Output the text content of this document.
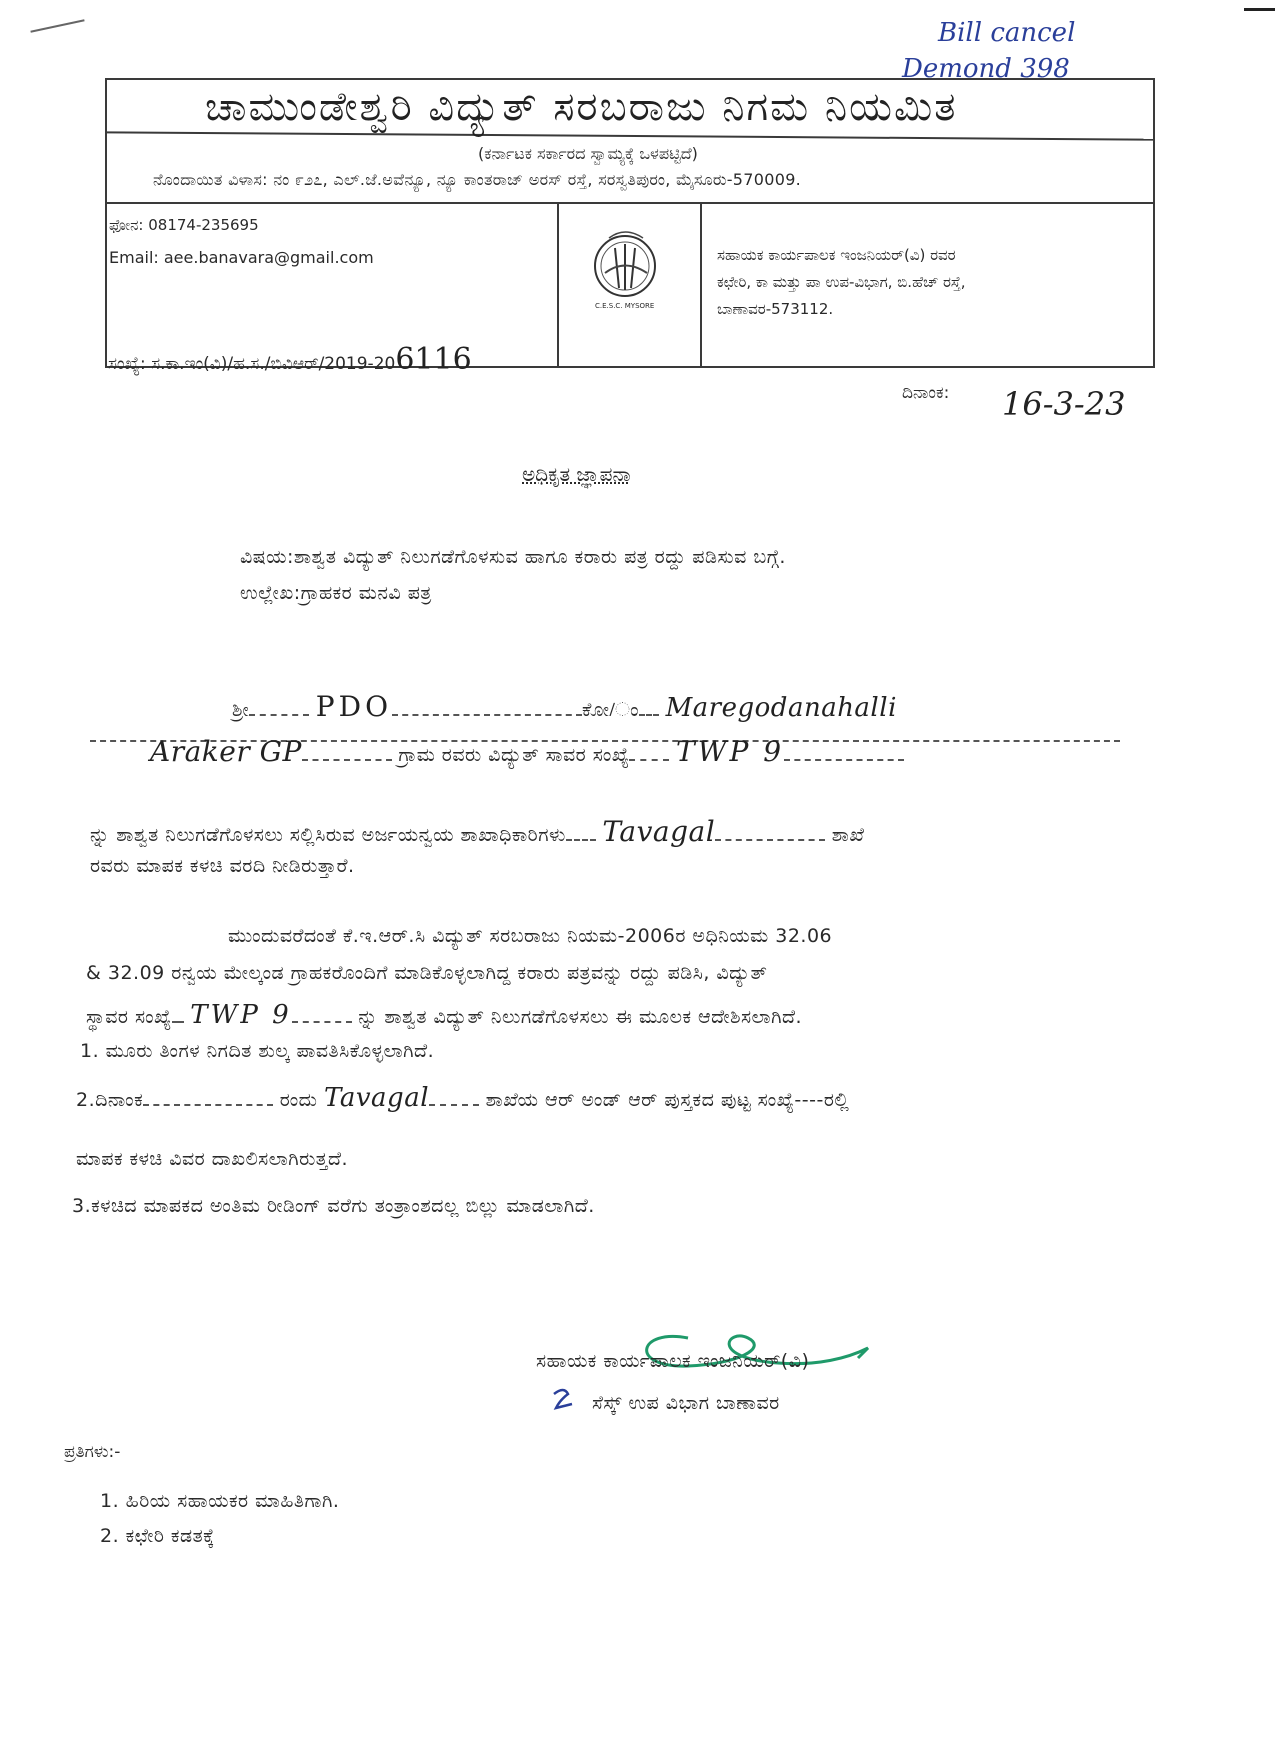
Bill cancel
Demond 398
ಚಾಮುಂಡೇಶ್ವರಿ ವಿದ್ಯುತ್ ಸರಬರಾಜು ನಿಗಮ ನಿಯಮಿತ
(ಕರ್ನಾಟಕ ಸರ್ಕಾರದ ಸ್ವಾಮ್ಯಕ್ಕೆ ಒಳಪಟ್ಟಿದೆ)
ನೊಂದಾಯಿತ ವಿಳಾಸ: ನಂ ೯೨೭, ಎಲ್.ಜೆ.ಅವೆನ್ಯೂ, ನ್ಯೂ ಕಾಂತರಾಜ್ ಅರಸ್ ರಸ್ತೆ, ಸರಸ್ವತಿಪುರಂ, ಮೈಸೂರು-570009.
ಫೋನ: 08174-235695
Email: aee.banavara@gmail.com
C.E.S.C. MYSORE
ಸಹಾಯಕ ಕಾರ್ಯಪಾಲಕ ಇಂಜನಿಯರ್(ವಿ) ರವರ
ಕಛೇರಿ, ಕಾ ಮತ್ತು ಪಾ ಉಪ-ವಿಭಾಗ, ಬಿ.ಹೆಚ್ ರಸ್ತೆ,
ಬಾಣಾವರ-573112.
ಸಂಖ್ಯೆ: ಸ.ಕಾ.ಇಂ(ವಿ)/ಹ.ಸ./ಬಿವಿಆರ್/2019-206116
ದಿನಾಂಕ: 16-3-23
ಅಧಿಕೃತ ಜ್ಞಾಪನಾ
ವಿಷಯ:ಶಾಶ್ವತ ವಿದ್ಯುತ್ ನಿಲುಗಡೆಗೊಳಸುವ ಹಾಗೂ ಕರಾರು ಪತ್ರ ರದ್ದು ಪಡಿಸುವ ಬಗ್ಗೆ.
ಉಲ್ಲೇಖ:ಗ್ರಾಹಕರ ಮನವಿ ಪತ್ರ
ಶ್ರೀ PDO	ಕೋ/ಂ Maregodanahalli
Araker GP	ಗ್ರಾಮ ರವರು ವಿದ್ಯುತ್ ಸಾವರ ಸಂಖ್ಯೆ TWP 9
ನ್ನು ಶಾಶ್ವತ ನಿಲುಗಡೆಗೊಳಸಲು ಸಲ್ಲಿಸಿರುವ ಅರ್ಜಯನ್ವಯ ಶಾಖಾಧಿಕಾರಿಗಳು Tavagal	ಶಾಖೆ
ರವರು ಮಾಪಕ ಕಳಚಿ ವರದಿ ನೀಡಿರುತ್ತಾರೆ.
ಮುಂದುವರೆದಂತೆ ಕೆ.ಇ.ಆರ್.ಸಿ ವಿದ್ಯುತ್ ಸರಬರಾಜು ನಿಯಮ-2006ರ ಅಧಿನಿಯಮ 32.06
& 32.09 ರನ್ವಯ ಮೇಲ್ಕಂಡ ಗ್ರಾಹಕರೊಂದಿಗೆ ಮಾಡಿಕೊಳ್ಳಲಾಗಿದ್ದ ಕರಾರು ಪತ್ರವನ್ನು ರದ್ದು ಪಡಿಸಿ, ವಿದ್ಯುತ್
ಸ್ಥಾವರ ಸಂಖ್ಯೆ TWP 9	ನ್ನು ಶಾಶ್ವತ ವಿದ್ಯುತ್ ನಿಲುಗಡೆಗೊಳಸಲು ಈ ಮೂಲಕ ಆದೇಶಿಸಲಾಗಿದೆ.
1. ಮೂರು ತಿಂಗಳ ನಿಗದಿತ ಶುಲ್ಕ ಪಾವತಿಸಿಕೊಳ್ಳಲಾಗಿದೆ.
2.ದಿನಾಂಕ	ರಂದು Tavagal	ಶಾಖೆಯ ಆರ್ ಅಂಡ್ ಆರ್ ಪುಸ್ತಕದ ಪುಟ್ಟ ಸಂಖ್ಯೆ----ರಲ್ಲಿ
ಮಾಪಕ ಕಳಚಿ ವಿವರ ದಾಖಲಿಸಲಾಗಿರುತ್ತದೆ.
3.ಕಳಚಿದ ಮಾಪಕದ ಅಂತಿಮ ರೀಡಿಂಗ್ ವರೆಗು ತಂತ್ರಾಂಶದಲ್ಲ ಬಿಲ್ಲು ಮಾಡಲಾಗಿದೆ.
ಸಹಾಯಕ ಕಾರ್ಯಪಾಲಕ ಇಂಜನಿಯರ್(ವಿ)
ಸೆಸ್ಕ್ ಉಪ ವಿಭಾಗ ಬಾಣಾವರ
ಪ್ರತಿಗಳು:-
1. ಹಿರಿಯ ಸಹಾಯಕರ ಮಾಹಿತಿಗಾಗಿ.
2. ಕಛೇರಿ ಕಡತಕ್ಕೆ
